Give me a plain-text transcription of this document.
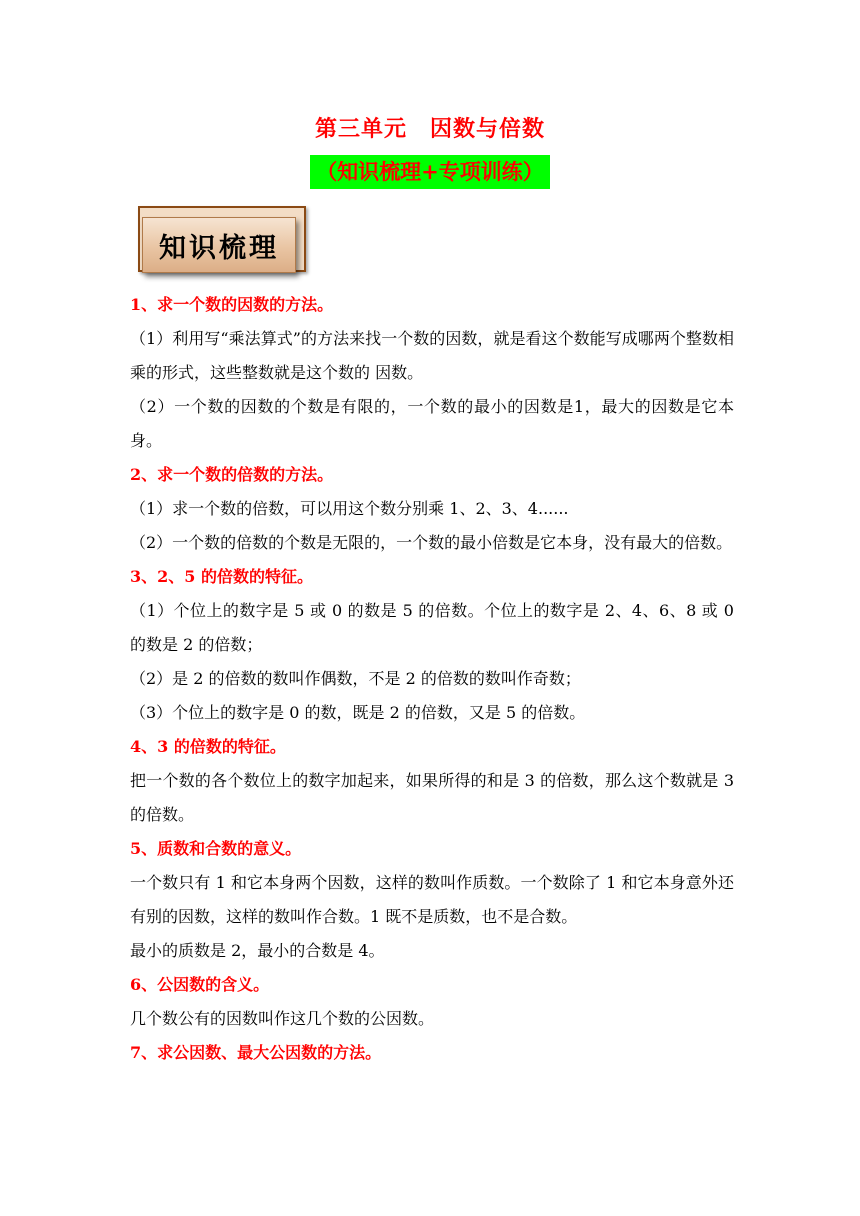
第三单元　因数与倍数
（知识梳理+专项训练）
知识梳理

1、求一个数的因数的方法。

（1）利用写“乘法算式”的方法来找一个数的因数，就是看这个数能写成哪两个整数相乘的形式，这些整数就是这个数的 因数。

（2）一个数的因数的个数是有限的，一个数的最小的因数是1，最大的因数是它本身。

2、求一个数的倍数的方法。

（1）求一个数的倍数，可以用这个数分别乘 1、2、3、4......

（2）一个数的倍数的个数是无限的，一个数的最小倍数是它本身，没有最大的倍数。

3、2、5 的倍数的特征。

（1）个位上的数字是 5 或 0 的数是 5 的倍数。个位上的数字是 2、4、6、8 或 0 的数是 2 的倍数；

（2）是 2 的倍数的数叫作偶数，不是 2 的倍数的数叫作奇数；

（3）个位上的数字是 0 的数，既是 2 的倍数，又是 5 的倍数。

4、3 的倍数的特征。

把一个数的各个数位上的数字加起来，如果所得的和是 3 的倍数，那么这个数就是 3 的倍数。

5、质数和合数的意义。

一个数只有 1 和它本身两个因数，这样的数叫作质数。一个数除了 1 和它本身意外还有别的因数，这样的数叫作合数。1 既不是质数，也不是合数。

最小的质数是 2，最小的合数是 4。

6、公因数的含义。

几个数公有的因数叫作这几个数的公因数。

7、求公因数、最大公因数的方法。
